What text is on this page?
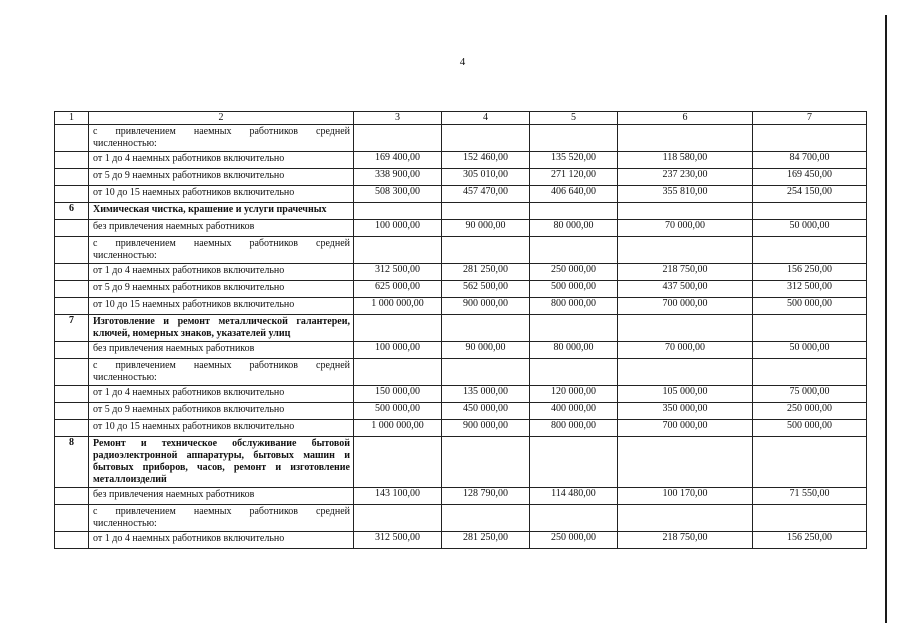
4
1	2	3	4	5	6	7
	с привлечением наемных работников средней численностью:					
	от 1 до 4 наемных работников включительно	169 400,00	152 460,00	135 520,00	118 580,00	84 700,00
	от 5 до 9 наемных работников включительно	338 900,00	305 010,00	271 120,00	237 230,00	169 450,00
	от 10 до 15 наемных работников включительно	508 300,00	457 470,00	406 640,00	355 810,00	254 150,00
6	Химическая чистка, крашение и услуги прачечных					
	без привлечения наемных работников	100 000,00	90 000,00	80 000,00	70 000,00	50 000,00
	с привлечением наемных работников средней численностью:					
	от 1 до 4 наемных работников включительно	312 500,00	281 250,00	250 000,00	218 750,00	156 250,00
	от 5 до 9 наемных работников включительно	625 000,00	562 500,00	500 000,00	437 500,00	312 500,00
	от 10 до 15 наемных работников включительно	1 000 000,00	900 000,00	800 000,00	700 000,00	500 000,00
7	Изготовление и ремонт металлической галантереи, ключей, номерных знаков, указателей улиц					
	без привлечения наемных работников	100 000,00	90 000,00	80 000,00	70 000,00	50 000,00
	с привлечением наемных работников средней численностью:					
	от 1 до 4 наемных работников включительно	150 000,00	135 000,00	120 000,00	105 000,00	75 000,00
	от 5 до 9 наемных работников включительно	500 000,00	450 000,00	400 000,00	350 000,00	250 000,00
	от 10 до 15 наемных работников включительно	1 000 000,00	900 000,00	800 000,00	700 000,00	500 000,00
8	Ремонт и техническое обслуживание бытовой радиоэлектронной аппаратуры, бытовых машин и бытовых приборов, часов, ремонт и изготовление металлоизделий					
	без привлечения наемных работников	143 100,00	128 790,00	114 480,00	100 170,00	71 550,00
	с привлечением наемных работников средней численностью:					
	от 1 до 4 наемных работников включительно	312 500,00	281 250,00	250 000,00	218 750,00	156 250,00
